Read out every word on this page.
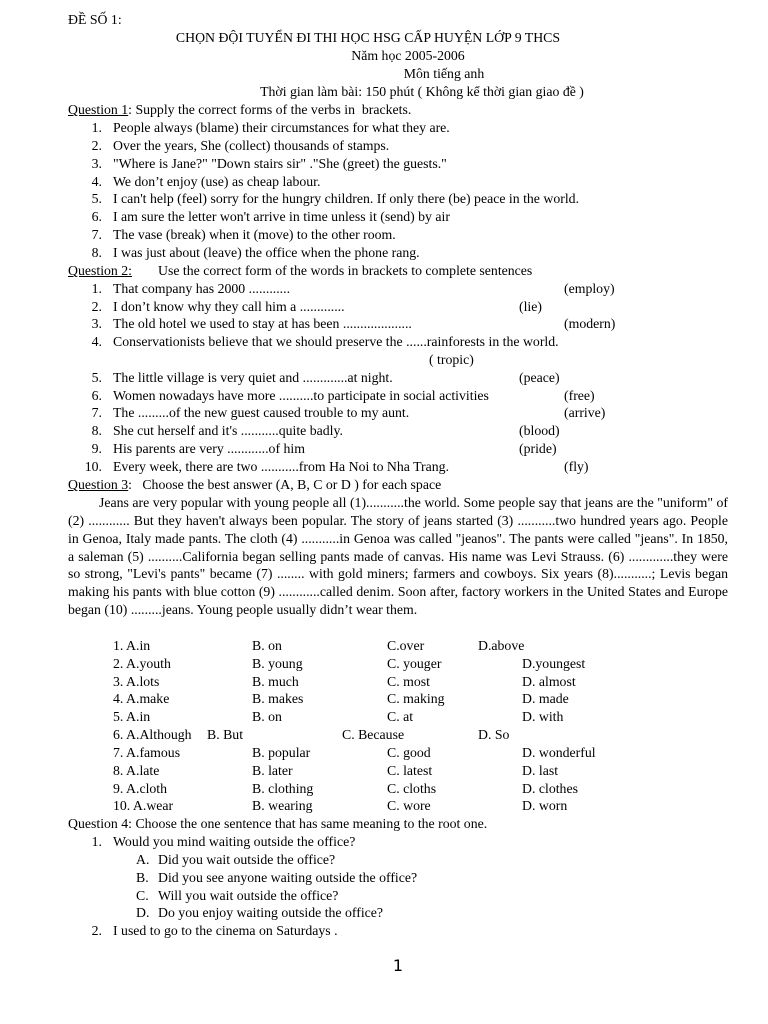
ĐỀ SỐ 1:
CHỌN ĐỘI TUYỂN ĐI THI HỌC HSG CẤP HUYỆN LỚP 9 THCS
Năm học 2005-2006
Môn tiếng anh
Thời gian làm bài: 150 phút ( Không kể thời gian giao đề )
Question 1: Supply the correct forms of the verbs in  brackets.
1. People always (blame) their circumstances for what they are.
2. Over the years, She (collect) thousands of stamps.
3. "Where is Jane?" "Down stairs sir" ."She (greet) the guests."
4. We don’t enjoy (use) as cheap labour.
5. I can't help (feel) sorry for the hungry children. If only there (be) peace in the world.
6. I am sure the letter won't arrive in time unless it (send) by air
7. The vase (break) when it (move) to the other room.
8. I was just about (leave) the office when the phone rang.
Question 2: Use the correct form of the words in brackets to complete sentences
1. That company has 2000 ............	(employ)
2. I don’t know why they call him a .............	(lie)
3. The old hotel we used to stay at has been ....................	(modern)
4. Conservationists believe that we should preserve the ......rainforests in the world.
( tropic)
5. The little village is very quiet and .............at night.	(peace)
6. Women nowadays have more ..........to participate in social activities	(free)
7. The .........of the new guest caused trouble to my aunt.	(arrive)
8. She cut herself and it's ...........quite badly.	(blood)
9. His parents are very ............of him	(pride)
10. Every week, there are two ...........from Ha Noi to Nha Trang.	(fly)
Question 3:   Choose the best answer (A, B, C or D ) for each space
Jeans are very popular with young people all (1)...........the world. Some people say that jeans are the "uniform" of (2) ............ But they haven't always been popular. The story of jeans started (3) ...........two hundred years ago. People in Genoa, Italy made pants. The cloth (4) ...........in Genoa was called "jeanos". The pants were called "jeans". In 1850, a saleman (5) ..........California began selling pants made of canvas. His name was Levi Strauss. (6) .............they were so strong, "Levi's pants" became (7) ........ with gold miners; farmers and cowboys. Six years (8)...........; Levis began making his pants with blue cotton (9) ............called denim. Soon after, factory workers in the United States and Europe began (10) .........jeans. Young people usually didn’t wear them.
1. A.in	B. on	C.over	D.above
2. A.youth	B. young	C. youger	D.youngest
3. A.lots	B. much	C. most	D. almost
4. A.make	B. makes	C. making	D. made
5. A.in	B. on	C. at	D. with
6. A.Although B. But	C. Because	D. So
7. A.famous	B. popular	C. good	D. wonderful
8. A.late	B. later	C. latest	D. last
9. A.cloth	B. clothing	C. cloths	D. clothes
10. A.wear	B. wearing	C. wore	D. worn
Question 4: Choose the one sentence that has same meaning to the root one.
1. Would you mind waiting outside the office?
A. Did you wait outside the office?
B. Did you see anyone waiting outside the office?
C. Will you wait outside the office?
D. Do you enjoy waiting outside the office?
2. I used to go to the cinema on Saturdays .
1
